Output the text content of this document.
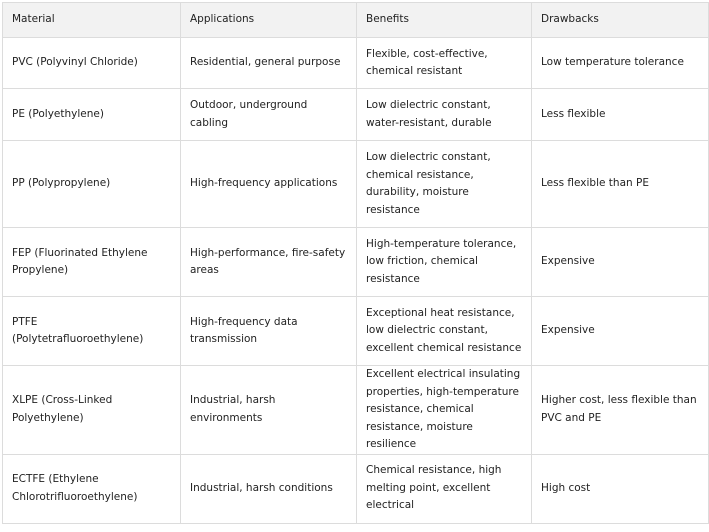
Material	Applications	Benefits	Drawbacks
PVC (Polyvinyl Chloride)	Residential, general purpose	Flexible, cost-effective, chemical resistant	Low temperature tolerance
PE (Polyethylene)	Outdoor, underground cabling	Low dielectric constant, water-resistant, durable	Less flexible
PP (Polypropylene)	High-frequency applications	Low dielectric constant, chemical resistance, durability, moisture resistance	Less flexible than PE
FEP (Fluorinated Ethylene Propylene)	High-performance, fire-safety areas	High-temperature tolerance, low friction, chemical resistance	Expensive
PTFE (Polytetrafluoroethylene)	High-frequency data transmission	Exceptional heat resistance, low dielectric constant, excellent chemical resistance	Expensive
XLPE (Cross-Linked Polyethylene)	Industrial, harsh environments	Excellent electrical insulating properties, high-temperature resistance, chemical resistance, moisture resilience	Higher cost, less flexible than PVC and PE
ECTFE (Ethylene Chlorotrifluoroethylene)	Industrial, harsh conditions	Chemical resistance, high melting point, excellent electrical	High cost
